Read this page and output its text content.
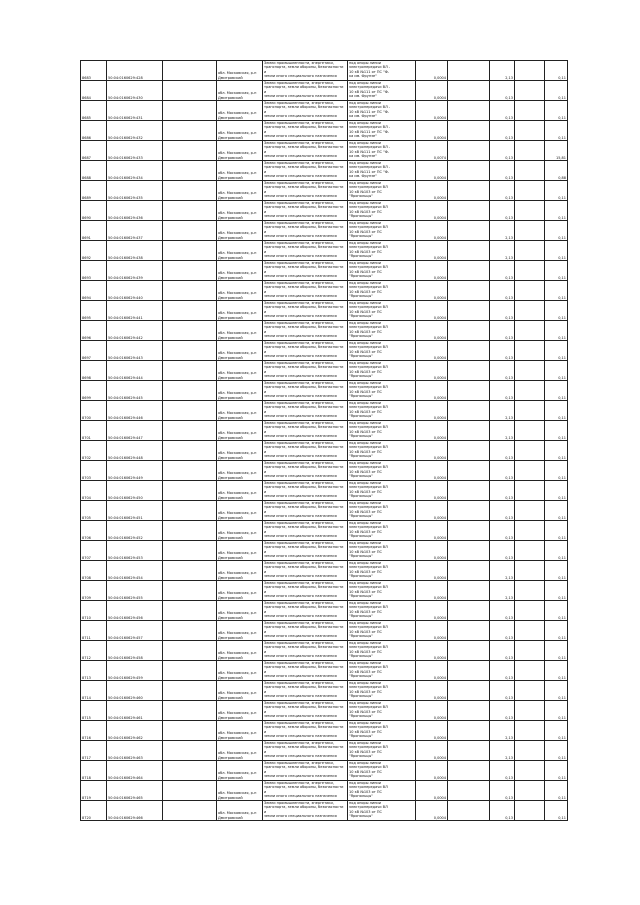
8683	50:04:0160629:428		обл. Московская, р-н Дмитровский	Земли промышленности, энергетики,
транспорта, земли обороны, безопасности и
земли иного специального назначения	под опоры линии
электропередачи ВЛ -
10 кВ №111 от ПС "Ф-
ка им. Фрунзе"	0,0004		2,13		0,11
8684	50:04:0160629:430		обл. Московская, р-н Дмитровский	Земли промышленности, энергетики,
транспорта, земли обороны, безопасности и
земли иного специального назначения	под опоры линии
электропередачи ВЛ -
10 кВ №111 от ПС "Ф-
ка им. Фрунзе"	0,0004		0,13		0,11
8685	50:04:0160629:431		обл. Московская, р-н Дмитровский	Земли промышленности, энергетики,
транспорта, земли обороны, безопасности и
земли иного специального назначения	под опоры линии
электропередачи ВЛ -
10 кВ №111 от ПС "Ф-
ка им. Фрунзе"	0,0004		0,13		0,11
8686	50:04:0160629:432		обл. Московская, р-н Дмитровский	Земли промышленности, энергетики,
транспорта, земли обороны, безопасности и
земли иного специального назначения	под опоры линии
электропередачи ВЛ -
10 кВ №111 от ПС "Ф-
ка им. Фрунзе"	0,0004		0,13		0,11
8687	50:04:0160629:433		обл. Московская, р-н Дмитровский	Земли промышленности, энергетики,
транспорта, земли обороны, безопасности и
земли иного специального назначения	под опоры линии
электропередачи ВЛ -
10 кВ №111 от ПС "Ф-
ка им. Фрунзе"	0,0074		0,13		15,81
8688	50:04:0160629:434		обл. Московская, р-н Дмитровский	Земли промышленности, энергетики,
транспорта, земли обороны, безопасности и
земли иного специального назначения	под опоры линии
электропередачи ВЛ -
10 кВ №111 от ПС "Ф-
ка им. Фрунзе"	0,0004		0,13		0,88
8689	50:04:0160629:435		обл. Московская, р-н Дмитровский	Земли промышленности, энергетики,
транспорта, земли обороны, безопасности и
земли иного специального назначения	под опоры линии
электропередачи ВЛ
10 кВ №103 от ПС
"Яропольцы"	0,0004		0,13		0,11
8690	50:04:0160629:436		обл. Московская, р-н Дмитровский	Земли промышленности, энергетики,
транспорта, земли обороны, безопасности и
земли иного специального назначения	под опоры линии
электропередачи ВЛ
10 кВ №103 от ПС
"Яропольцы"	0,0004		0,13		0,11
8691	50:04:0160629:437		обл. Московская, р-н Дмитровский	Земли промышленности, энергетики,
транспорта, земли обороны, безопасности и
земли иного специального назначения	под опоры линии
электропередачи ВЛ
10 кВ №103 от ПС
"Яропольцы"	0,0004		2,13		0,11
8692	50:04:0160629:438		обл. Московская, р-н Дмитровский	Земли промышленности, энергетики,
транспорта, земли обороны, безопасности и
земли иного специального назначения	под опоры линии
электропередачи ВЛ
10 кВ №103 от ПС
"Яропольцы"	0,0004		2,13		0,11
8693	50:04:0160629:439		обл. Московская, р-н Дмитровский	Земли промышленности, энергетики,
транспорта, земли обороны, безопасности и
земли иного специального назначения	под опоры линии
электропередачи ВЛ
10 кВ №103 от ПС
"Яропольцы"	0,0004		0,13		0,11
8694	50:04:0160629:440		обл. Московская, р-н Дмитровский	Земли промышленности, энергетики,
транспорта, земли обороны, безопасности и
земли иного специального назначения	под опоры линии
электропередачи ВЛ
10 кВ №103 от ПС
"Яропольцы"	0,0004		0,13		0,11
8695	50:04:0160629:441		обл. Московская, р-н Дмитровский	Земли промышленности, энергетики,
транспорта, земли обороны, безопасности и
земли иного специального назначения	под опоры линии
электропередачи ВЛ
10 кВ №103 от ПС
"Яропольцы"	0,0004		0,13		0,11
8696	50:04:0160629:442		обл. Московская, р-н Дмитровский	Земли промышленности, энергетики,
транспорта, земли обороны, безопасности и
земли иного специального назначения	под опоры линии
электропередачи ВЛ
10 кВ №103 от ПС
"Яропольцы"	0,0004		0,13		0,11
8697	50:04:0160629:443		обл. Московская, р-н Дмитровский	Земли промышленности, энергетики,
транспорта, земли обороны, безопасности и
земли иного специального назначения	под опоры линии
электропередачи ВЛ
10 кВ №103 от ПС
"Яропольцы"	0,0004		0,13		0,11
8698	50:04:0160629:444		обл. Московская, р-н Дмитровский	Земли промышленности, энергетики,
транспорта, земли обороны, безопасности и
земли иного специального назначения	под опоры линии
электропередачи ВЛ
10 кВ №103 от ПС
"Яропольцы"	0,0004		0,13		0,11
8699	50:04:0160629:445		обл. Московская, р-н Дмитровский	Земли промышленности, энергетики,
транспорта, земли обороны, безопасности и
земли иного специального назначения	под опоры линии
электропередачи ВЛ
10 кВ №103 от ПС
"Яропольцы"	0,0004		0,13		0,11
8700	50:04:0160629:446		обл. Московская, р-н Дмитровский	Земли промышленности, энергетики,
транспорта, земли обороны, безопасности и
земли иного специального назначения	под опоры линии
электропередачи ВЛ
10 кВ №103 от ПС
"Яропольцы"	0,0004		2,13		0,11
8701	50:04:0160629:447		обл. Московская, р-н Дмитровский	Земли промышленности, энергетики,
транспорта, земли обороны, безопасности и
земли иного специального назначения	под опоры линии
электропередачи ВЛ
10 кВ №103 от ПС
"Яропольцы"	0,0004		2,13		0,11
8702	50:04:0160629:448		обл. Московская, р-н Дмитровский	Земли промышленности, энергетики,
транспорта, земли обороны, безопасности и
земли иного специального назначения	под опоры линии
электропередачи ВЛ
10 кВ №103 от ПС
"Яропольцы"	0,0004		0,13		0,11
8703	50:04:0160629:449		обл. Московская, р-н Дмитровский	Земли промышленности, энергетики,
транспорта, земли обороны, безопасности и
земли иного специального назначения	под опоры линии
электропередачи ВЛ
10 кВ №103 от ПС
"Яропольцы"	0,0004		0,13		0,11
8704	50:04:0160629:450		обл. Московская, р-н Дмитровский	Земли промышленности, энергетики,
транспорта, земли обороны, безопасности и
земли иного специального назначения	под опоры линии
электропередачи ВЛ
10 кВ №103 от ПС
"Яропольцы"	0,0004		0,13		0,11
8705	50:04:0160629:451		обл. Московская, р-н Дмитровский	Земли промышленности, энергетики,
транспорта, земли обороны, безопасности и
земли иного специального назначения	под опоры линии
электропередачи ВЛ
10 кВ №103 от ПС
"Яропольцы"	0,0004		0,13		0,11
8706	50:04:0160629:452		обл. Московская, р-н Дмитровский	Земли промышленности, энергетики,
транспорта, земли обороны, безопасности и
земли иного специального назначения	под опоры линии
электропередачи ВЛ
10 кВ №103 от ПС
"Яропольцы"	0,0004		0,13		0,11
8707	50:04:0160629:453		обл. Московская, р-н Дмитровский	Земли промышленности, энергетики,
транспорта, земли обороны, безопасности и
земли иного специального назначения	под опоры линии
электропередачи ВЛ
10 кВ №103 от ПС
"Яропольцы"	0,0004		0,13		0,11
8708	50:04:0160629:454		обл. Московская, р-н Дмитровский	Земли промышленности, энергетики,
транспорта, земли обороны, безопасности и
земли иного специального назначения	под опоры линии
электропередачи ВЛ
10 кВ №103 от ПС
"Яропольцы"	0,0004		2,13		0,11
8709	50:04:0160629:455		обл. Московская, р-н Дмитровский	Земли промышленности, энергетики,
транспорта, земли обороны, безопасности и
земли иного специального назначения	под опоры линии
электропередачи ВЛ
10 кВ №103 от ПС
"Яропольцы"	0,0004		2,13		0,11
8710	50:04:0160629:456		обл. Московская, р-н Дмитровский	Земли промышленности, энергетики,
транспорта, земли обороны, безопасности и
земли иного специального назначения	под опоры линии
электропередачи ВЛ
10 кВ №103 от ПС
"Яропольцы"	0,0004		0,13		0,11
8711	50:04:0160629:457		обл. Московская, р-н Дмитровский	Земли промышленности, энергетики,
транспорта, земли обороны, безопасности и
земли иного специального назначения	под опоры линии
электропередачи ВЛ
10 кВ №103 от ПС
"Яропольцы"	0,0004		0,13		0,11
8712	50:04:0160629:458		обл. Московская, р-н Дмитровский	Земли промышленности, энергетики,
транспорта, земли обороны, безопасности и
земли иного специального назначения	под опоры линии
электропередачи ВЛ
10 кВ №103 от ПС
"Яропольцы"	0,0004		0,13		0,11
8713	50:04:0160629:459		обл. Московская, р-н Дмитровский	Земли промышленности, энергетики,
транспорта, земли обороны, безопасности и
земли иного специального назначения	под опоры линии
электропередачи ВЛ
10 кВ №103 от ПС
"Яропольцы"	0,0004		0,13		0,11
8714	50:04:0160629:460		обл. Московская, р-н Дмитровский	Земли промышленности, энергетики,
транспорта, земли обороны, безопасности и
земли иного специального назначения	под опоры линии
электропередачи ВЛ
10 кВ №103 от ПС
"Яропольцы"	0,0004		0,13		0,11
8715	50:04:0160629:461		обл. Московская, р-н Дмитровский	Земли промышленности, энергетики,
транспорта, земли обороны, безопасности и
земли иного специального назначения	под опоры линии
электропередачи ВЛ
10 кВ №103 от ПС
"Яропольцы"	0,0004		0,13		0,11
8716	50:04:0160629:462		обл. Московская, р-н Дмитровский	Земли промышленности, энергетики,
транспорта, земли обороны, безопасности и
земли иного специального назначения	под опоры линии
электропередачи ВЛ
10 кВ №103 от ПС
"Яропольцы"	0,0004		2,13		0,11
8717	50:04:0160629:463		обл. Московская, р-н Дмитровский	Земли промышленности, энергетики,
транспорта, земли обороны, безопасности и
земли иного специального назначения	под опоры линии
электропередачи ВЛ
10 кВ №103 от ПС
"Яропольцы"	0,0004		2,13		0,11
8718	50:04:0160629:464		обл. Московская, р-н Дмитровский	Земли промышленности, энергетики,
транспорта, земли обороны, безопасности и
земли иного специального назначения	под опоры линии
электропередачи ВЛ
10 кВ №103 от ПС
"Яропольцы"	0,0004		0,13		0,11
8719	50:04:0160629:465		обл. Московская, р-н Дмитровский	Земли промышленности, энергетики,
транспорта, земли обороны, безопасности и
земли иного специального назначения	под опоры линии
электропередачи ВЛ
10 кВ №103 от ПС
"Яропольцы"	0,0004		0,13		0,11
8720	50:04:0160629:466		обл. Московская, р-н Дмитровский	Земли промышленности, энергетики,
транспорта, земли обороны, безопасности и
земли иного специального назначения	под опоры линии
электропередачи ВЛ
10 кВ №103 от ПС
"Яропольцы"	0,0004		0,13		0,11
